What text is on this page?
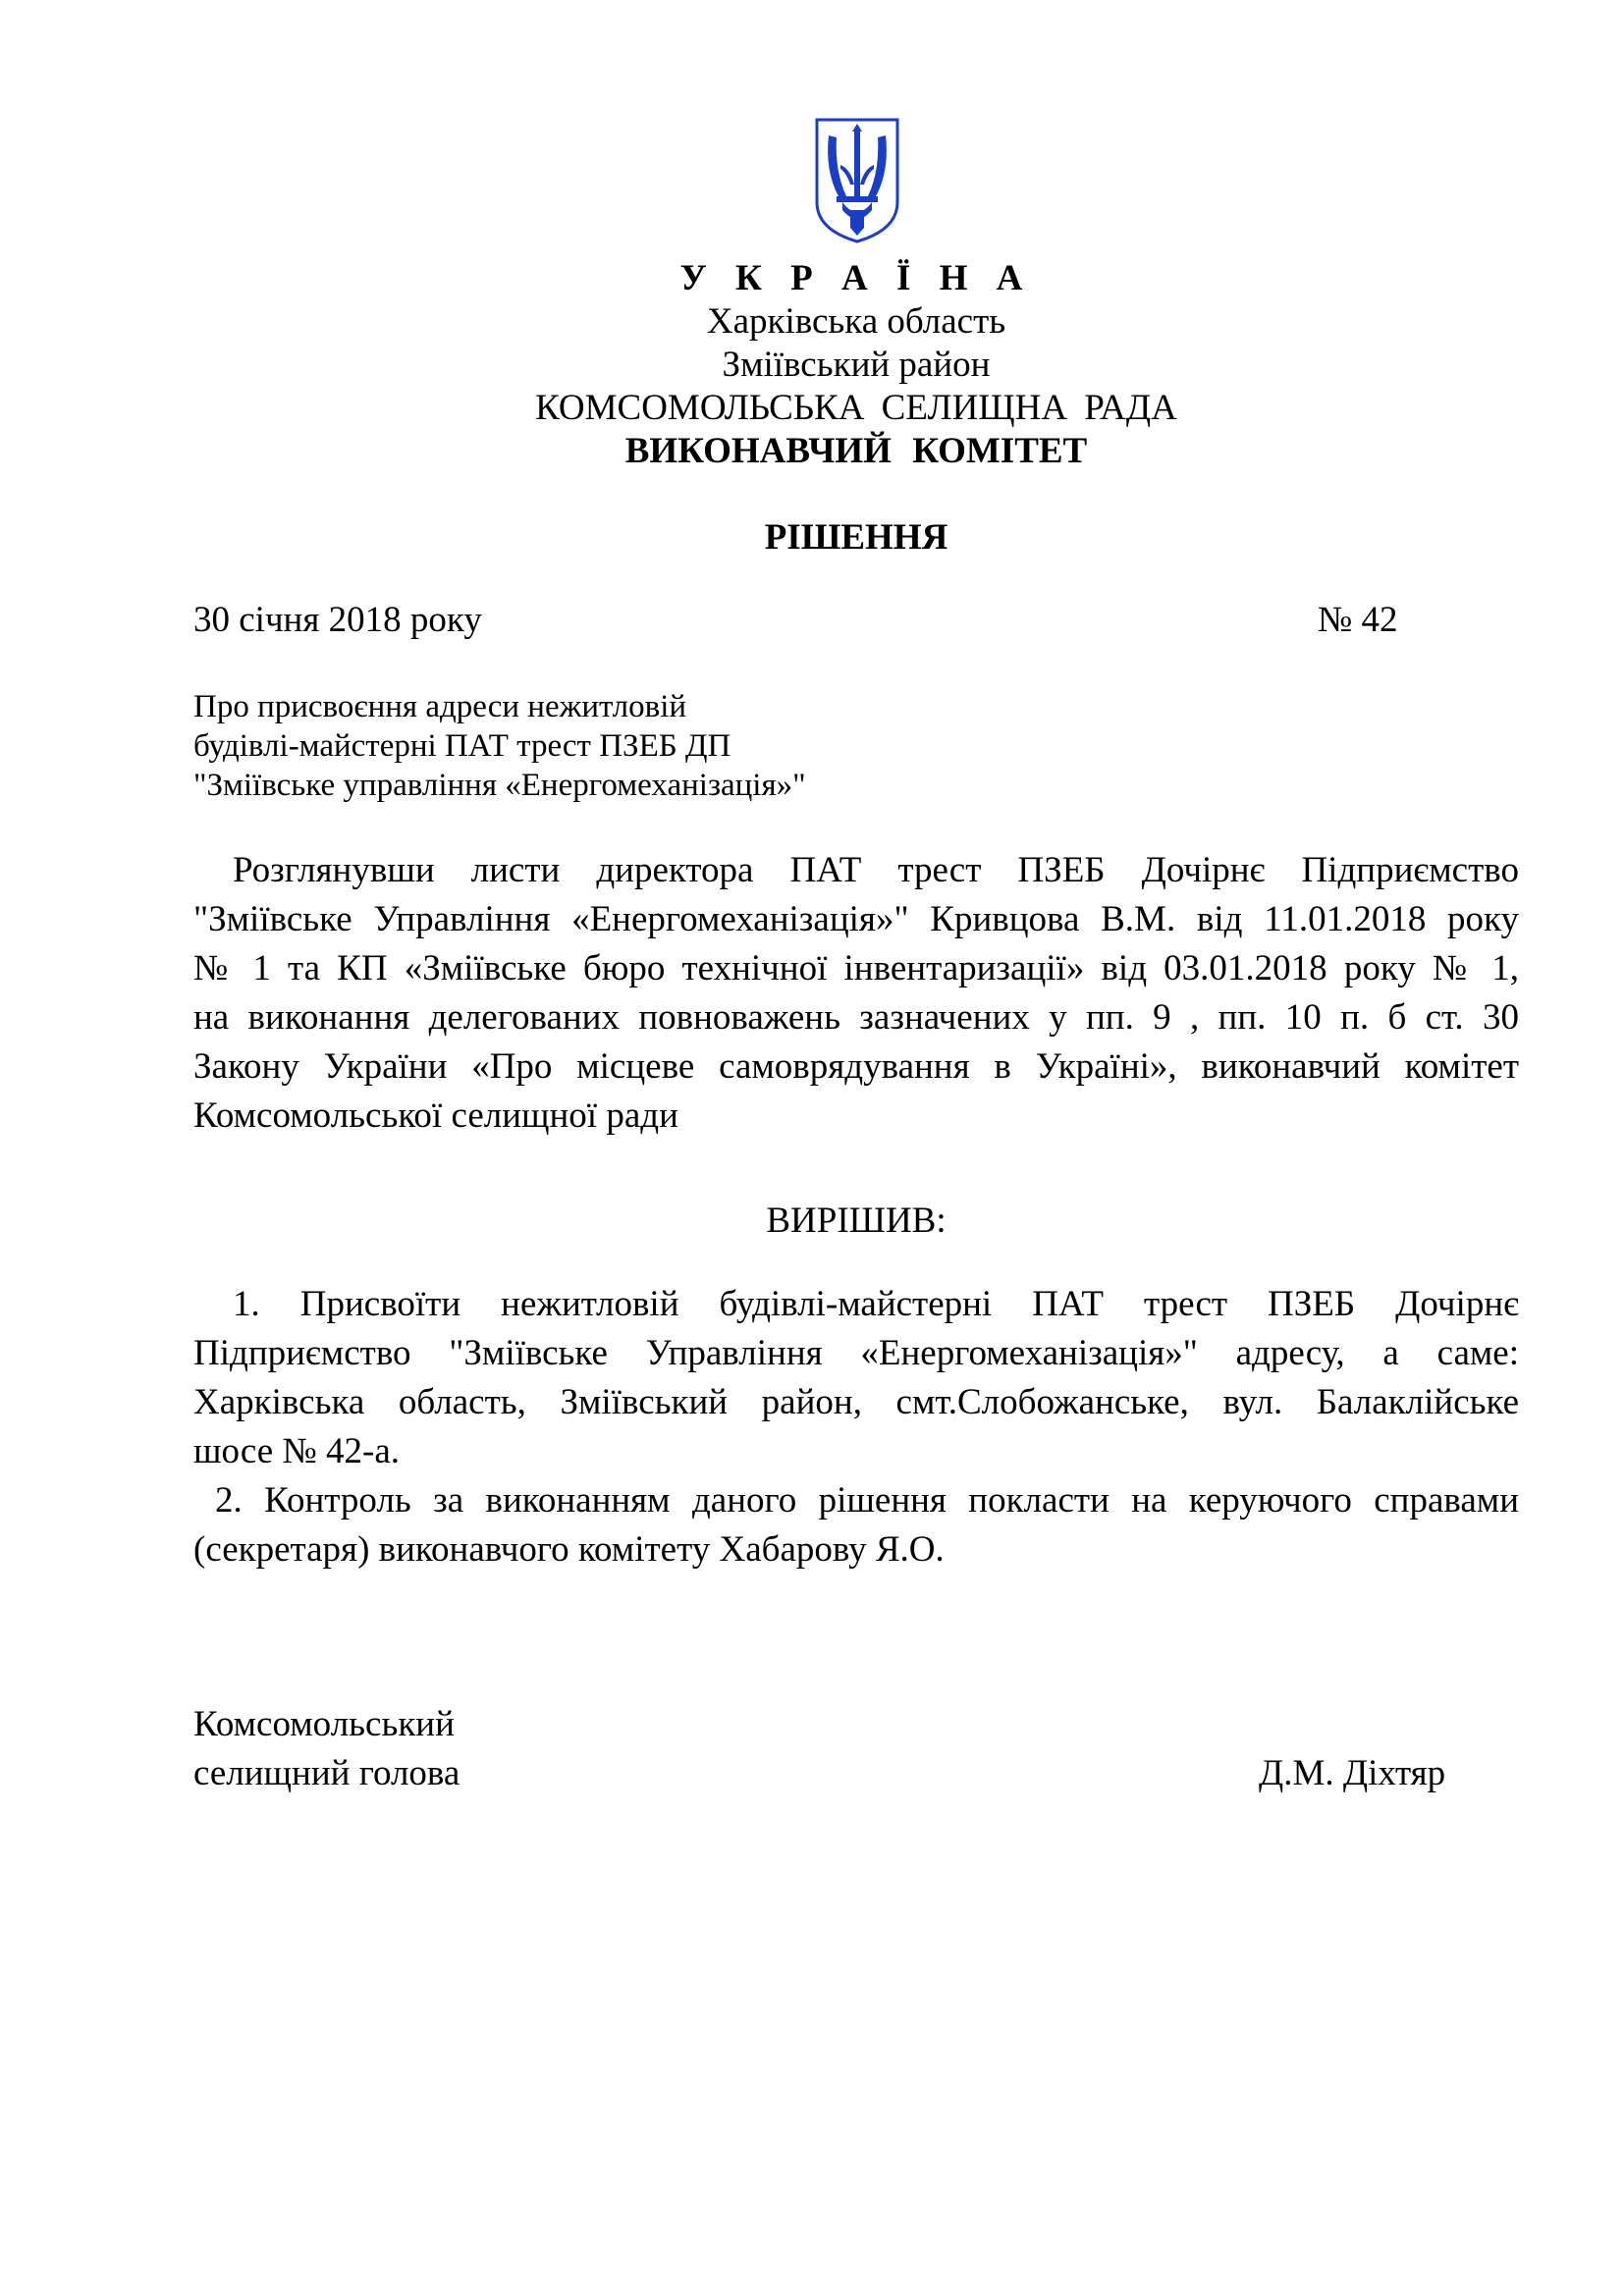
У К Р А Ї Н А
Харківська область
Зміївський район
КОМСОМОЛЬСЬКА СЕЛИЩНА РАДА
ВИКОНАВЧИЙ КОМІТЕТ
РІШЕННЯ
30 січня 2018 року	№ 42
Про присвоєння адреси нежитловій
будівлі-майстерні ПАТ трест ПЗЕБ ДП
"Зміївське управління «Енергомеханізація»"
Розглянувши листи директора ПАТ трест ПЗЕБ Дочірнє Підприємство
"Зміївське Управління «Енергомеханізація»" Кривцова В.М. від 11.01.2018 року
№ 1 та КП «Зміївське бюро технічної інвентаризації» від 03.01.2018 року № 1,
на виконання делегованих повноважень зазначених у пп. 9 , пп. 10 п. б ст. 30
Закону України «Про місцеве самоврядування в Україні», виконавчий комітет
Комсомольської селищної ради
ВИРІШИВ:
1. Присвоїти нежитловій будівлі-майстерні ПАТ трест ПЗЕБ Дочірнє
Підприємство "Зміївське Управління «Енергомеханізація»" адресу, а саме:
Харківська область, Зміївський район, смт.Слобожанське, вул. Балаклійське
шосе № 42-а.
2. Контроль за виконанням даного рішення покласти на керуючого справами
(секретаря) виконавчого комітету Хабарову Я.О.
Комсомольський
селищний голова	Д.М. Діхтяр
